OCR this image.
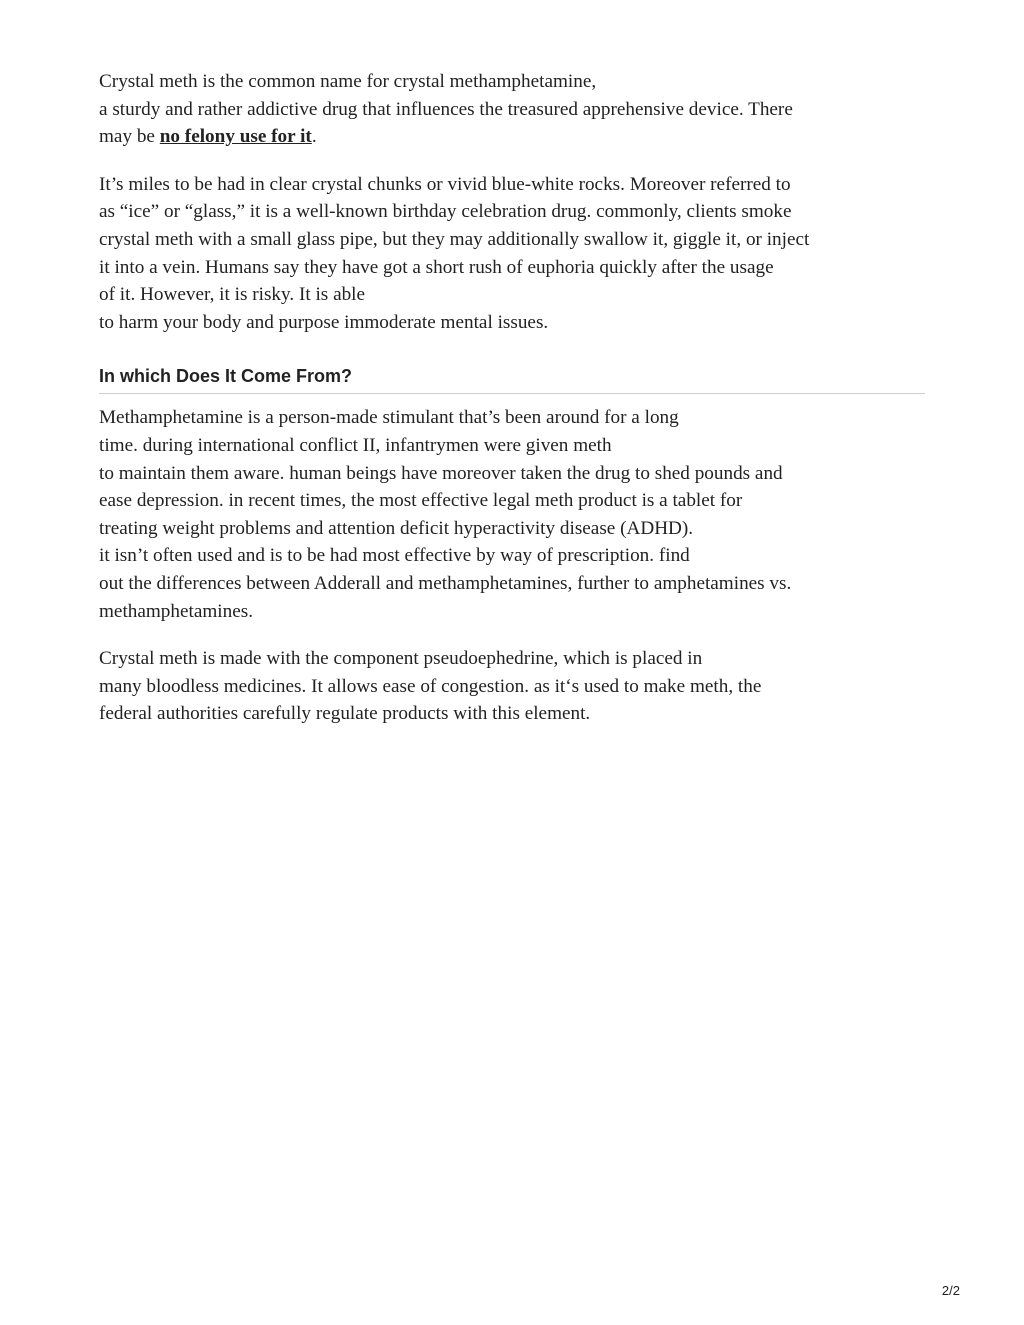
Crystal meth is the common name for crystal methamphetamine,
a sturdy and rather addictive drug that influences the treasured apprehensive device. There
may be no felony use for it.

It’s miles to be had in clear crystal chunks or vivid blue-white rocks. Moreover referred to
as “ice” or “glass,” it is a well-known birthday celebration drug. commonly, clients smoke
crystal meth with a small glass pipe, but they may additionally swallow it, giggle it, or inject
it into a vein. Humans say they have got a short rush of euphoria quickly after the usage
of it. However, it is risky. It is able
to harm your body and purpose immoderate mental issues.

In which Does It Come From?

Methamphetamine is a person-made stimulant that’s been around for a long
time. during international conflict II, infantrymen were given meth
to maintain them aware. human beings have moreover taken the drug to shed pounds and
ease depression. in recent times, the most effective legal meth product is a tablet for
treating weight problems and attention deficit hyperactivity disease (ADHD).
it isn’t often used and is to be had most effective by way of prescription. find
out the differences between Adderall and methamphetamines, further to amphetamines vs.
methamphetamines.

Crystal meth is made with the component pseudoephedrine, which is placed in
many bloodless medicines. It allows ease of congestion. as it‘s used to make meth, the
federal authorities carefully regulate products with this element.

2/2
